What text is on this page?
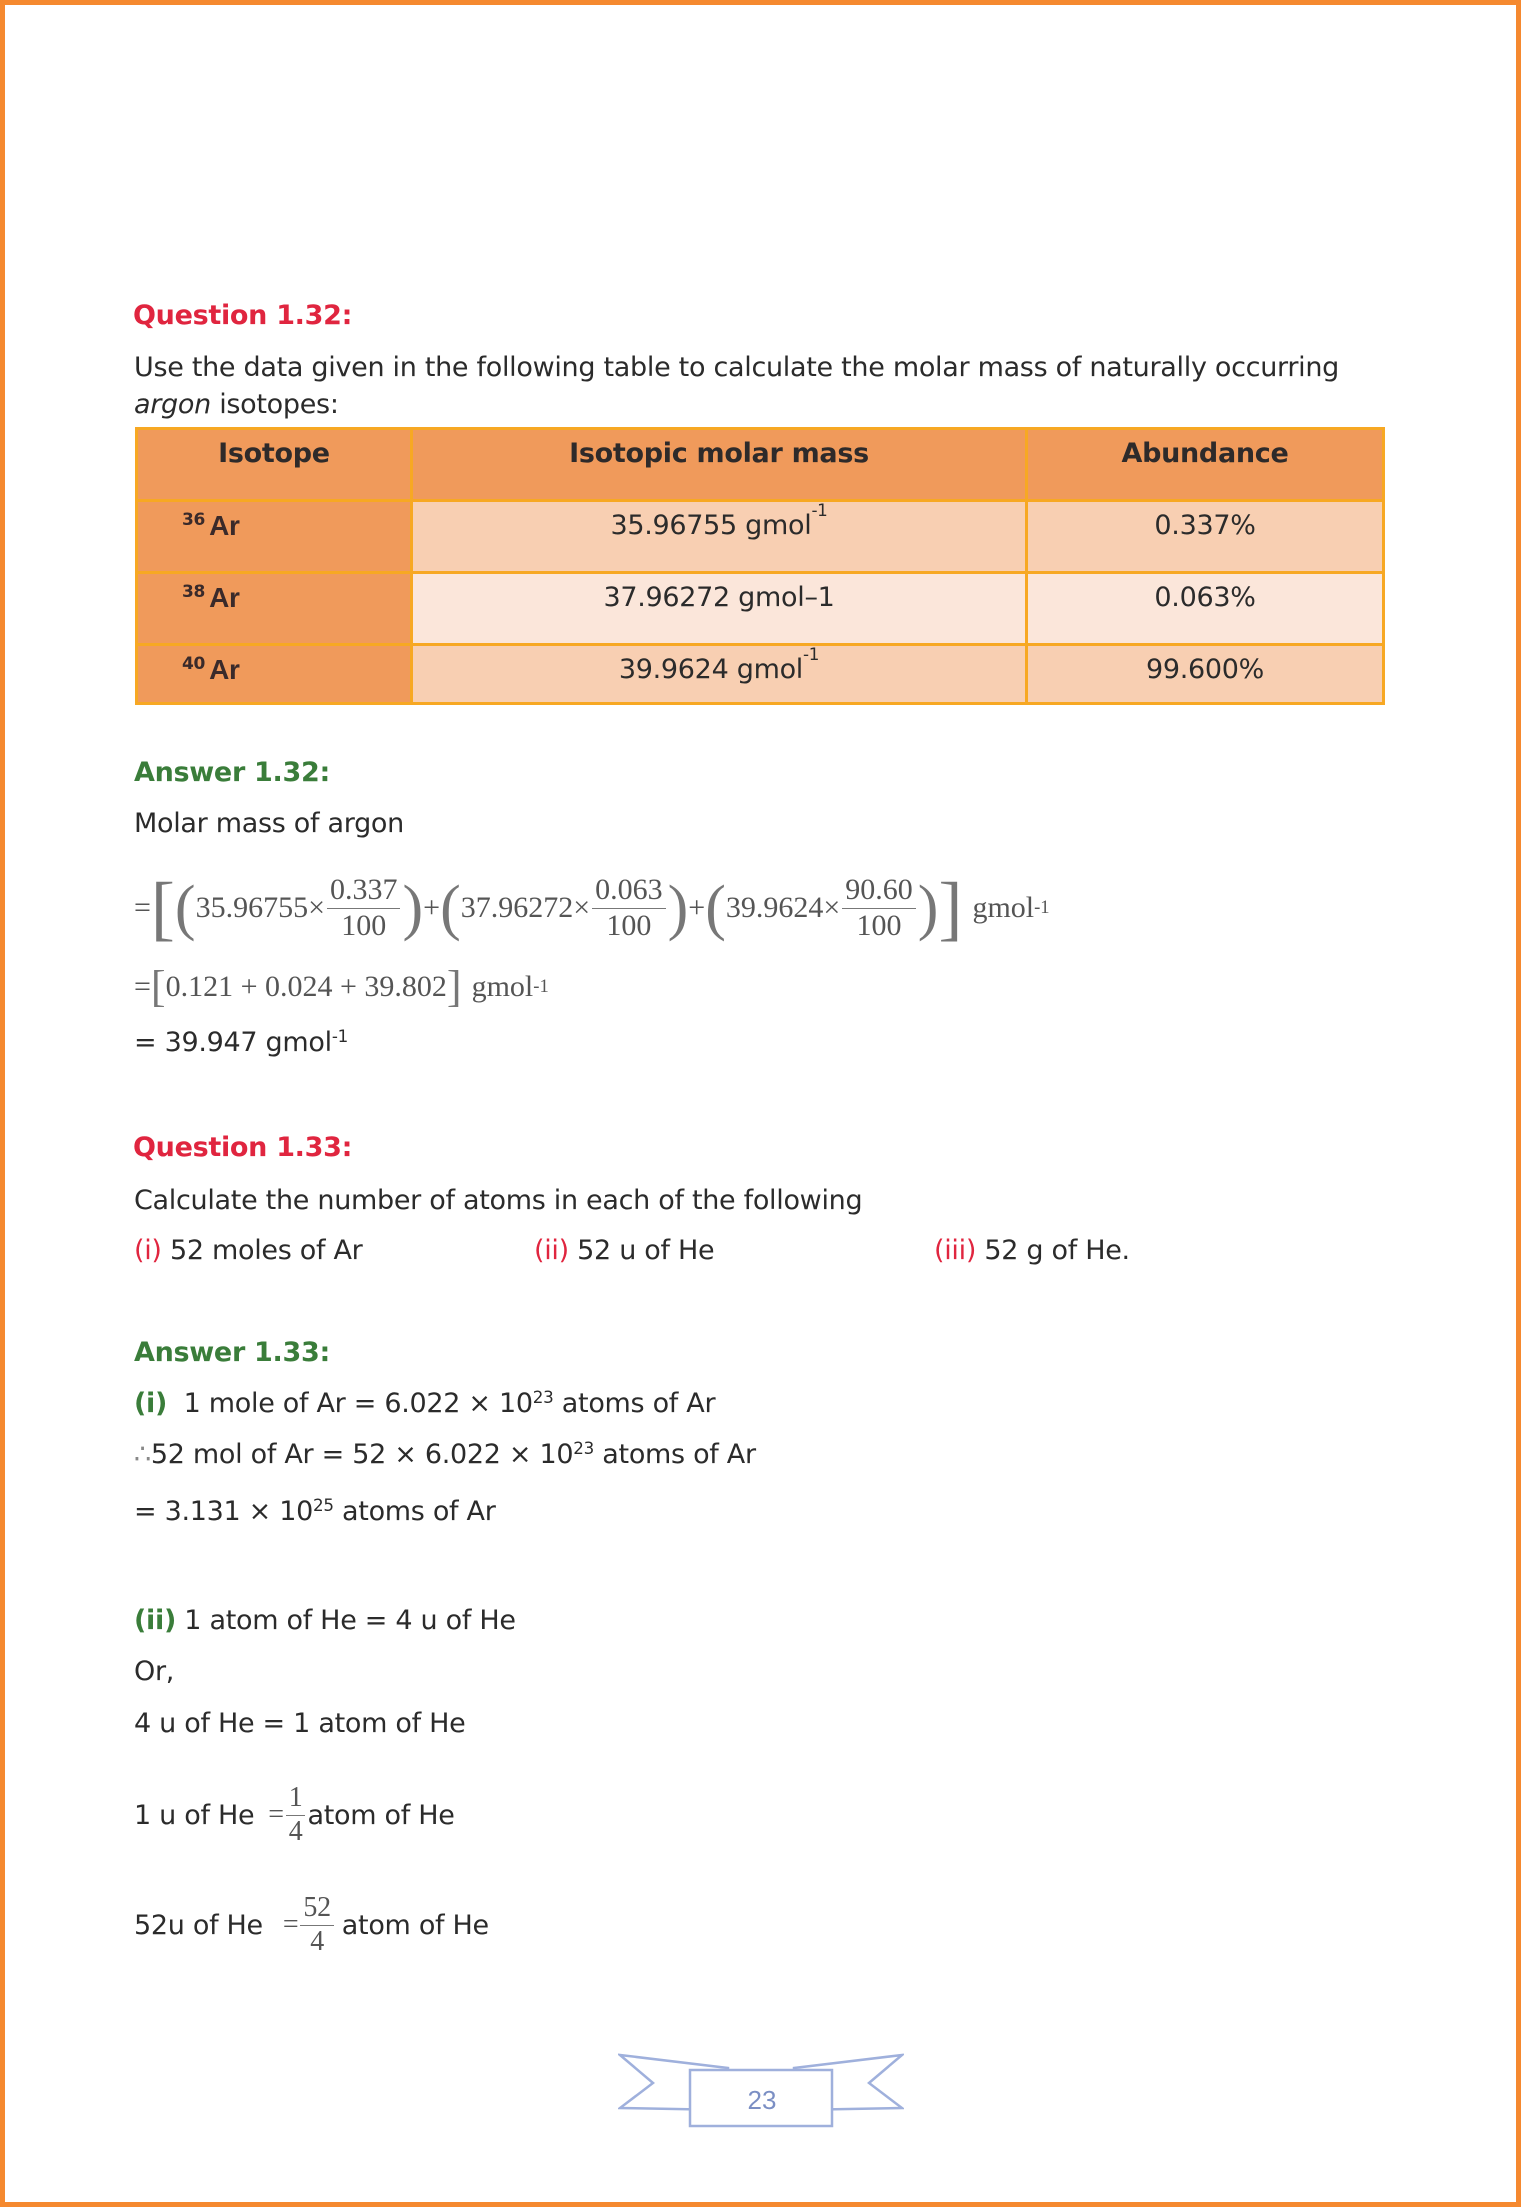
Question 1.32:
Use the data given in the following table to calculate the molar mass of naturally occurring
argon isotopes:
Isotope	Isotopic molar mass	Abundance
36 Ar	35.96755 gmol -1	0.337%
38 Ar	37.96272 gmol–1	0.063%
40 Ar	39.9624 gmol -1	99.600%
Answer 1.32:
Molar mass of argon
= [ ( $35.96755 \times \frac{0.337}{100}$ ) + ( $37.96272 \times \frac{0.063}{100}$ ) + ( $39.9624 \times \frac{90.60}{100}$ ) ] gmol -1
= [ 0.121 + 0.024 + 39.802 ] gmol -1
= 39.947 gmol$^{-1}$
Question 1.33:
Calculate the number of atoms in each of the following
(i) 52 moles of Ar	(ii) 52 u of He	(iii) 52 g of He.
Answer 1.33:
(i)  1 mole of $Ar = 6.022 \times 10^{23}$ atoms of Ar
∴52 mol of $Ar = 52 \times 6.022 \times 10^{23}$ atoms of Ar
= $3.131 \times 10^{25}$ atoms of Ar
(ii) 1 atom of He = 4 u of He
Or,
4 u of He = 1 atom of He
1 u of $He = \frac{1}{4}$ atom of He
52u of $He = \frac{52}{4}$ atom of He
23
